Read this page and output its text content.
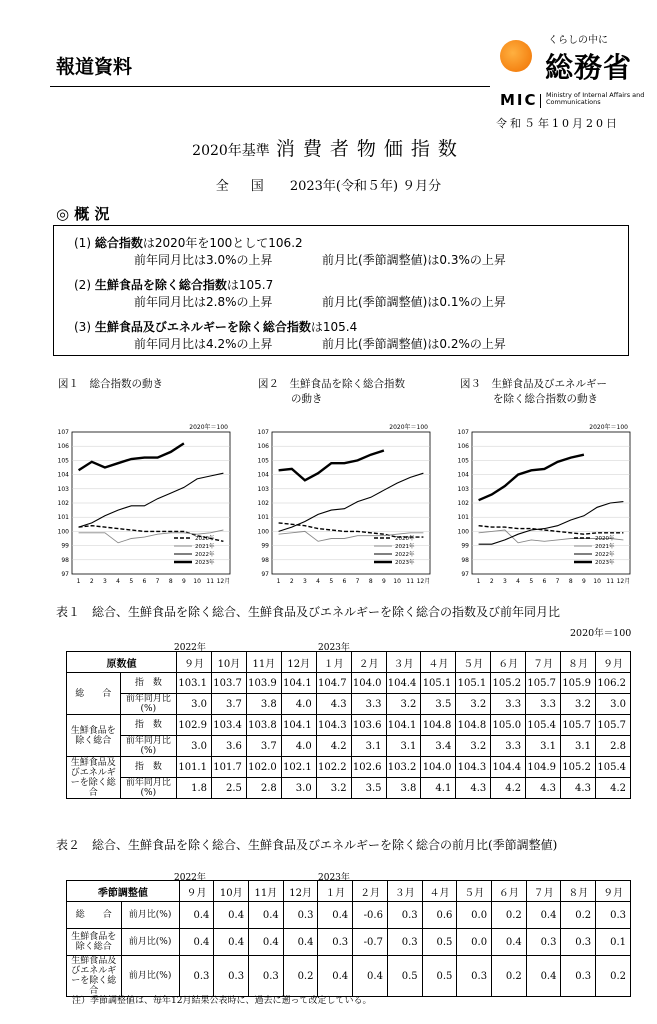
報道資料
くらしの中に
総務省
MIC Ministry of Internal Affairs and Communications
令和５年10月20日
2020年基準 消費者物価指数
全国 2023年(令和５年) ９月分
◎ 概 況
(1) 総合指数は2020年を100として106.2
前年同月比は3.0%の上昇	前月比(季節調整値)は0.3%の上昇
(2) 生鮮食品を除く総合指数は105.7
前年同月比は2.8%の上昇	前月比(季節調整値)は0.1%の上昇
(3) 生鮮食品及びエネルギーを除く総合指数は105.4
前年同月比は4.2%の上昇	前月比(季節調整値)は0.2%の上昇
図１　総合指数の動き	図２　生鮮食品を除く総合指数
の動き
図３　生鮮食品及びエネルギー
を除く総合指数の動き
97
98
99
100
101
102
103
104
105
106
107
1 2 3 4 5 6 7 8 9 10 11 12月
2020年＝100
2020年
2021年
2022年
2023年
97
98
99
100
101
102
103
104
105
106
107
1 2 3 4 5 6 7 8 9 10 11 12月
2020年＝100
2020年
2021年
2022年
2023年
97
98
99
100
101
102
103
104
105
106
107
1 2 3 4 5 6 7 8 9 10 11 12月
2020年＝100
2020年
2021年
2022年
2023年
表１　総合、生鮮食品を除く総合、生鮮食品及びエネルギーを除く総合の指数及び前年同月比
2020年＝100
2022年	2023年
原数値		９月	10月	11月	12月	１月	２月	３月	４月	５月	６月	７月	８月	９月
総　　合	指　数	103.1	103.7	103.9	104.1	104.7	104.0	104.4	105.1	105.1	105.2	105.7	105.9	106.2
	前年同月比(%)	3.0	3.7	3.8	4.0	4.3	3.3	3.2	3.5	3.2	3.3	3.3	3.2	3.0
生鮮食品を除く総合	指　数	102.9	103.4	103.8	104.1	104.3	103.6	104.1	104.8	104.8	105.0	105.4	105.7	105.7
	前年同月比(%)	3.0	3.6	3.7	4.0	4.2	3.1	3.1	3.4	3.2	3.3	3.1	3.1	2.8
生鮮食品及びエネルギーを除く総合	指　数	101.1	101.7	102.0	102.1	102.2	102.6	103.2	104.0	104.3	104.4	104.9	105.2	105.4
	前年同月比(%)	1.8	2.5	2.8	3.0	3.2	3.5	3.8	4.1	4.3	4.2	4.3	4.3	4.2
表２　総合、生鮮食品を除く総合、生鮮食品及びエネルギーを除く総合の前月比(季節調整値)
2022年	2023年
季節調整値		９月	10月	11月	12月	１月	２月	３月	４月	５月	６月	７月	８月	９月
総　　合	前月比(%)	0.4	0.4	0.4	0.3	0.4	-0.6	0.3	0.6	0.0	0.2	0.4	0.2	0.3
生鮮食品を除く総合	前月比(%)	0.4	0.4	0.4	0.4	0.3	-0.7	0.3	0.5	0.0	0.4	0.3	0.3	0.1
生鮮食品及びエネルギーを除く総合	前月比(%)	0.3	0.3	0.3	0.2	0.4	0.4	0.5	0.5	0.3	0.2	0.4	0.3	0.2
注）季節調整値は、毎年12月結果公表時に、過去に遡って改定している。
